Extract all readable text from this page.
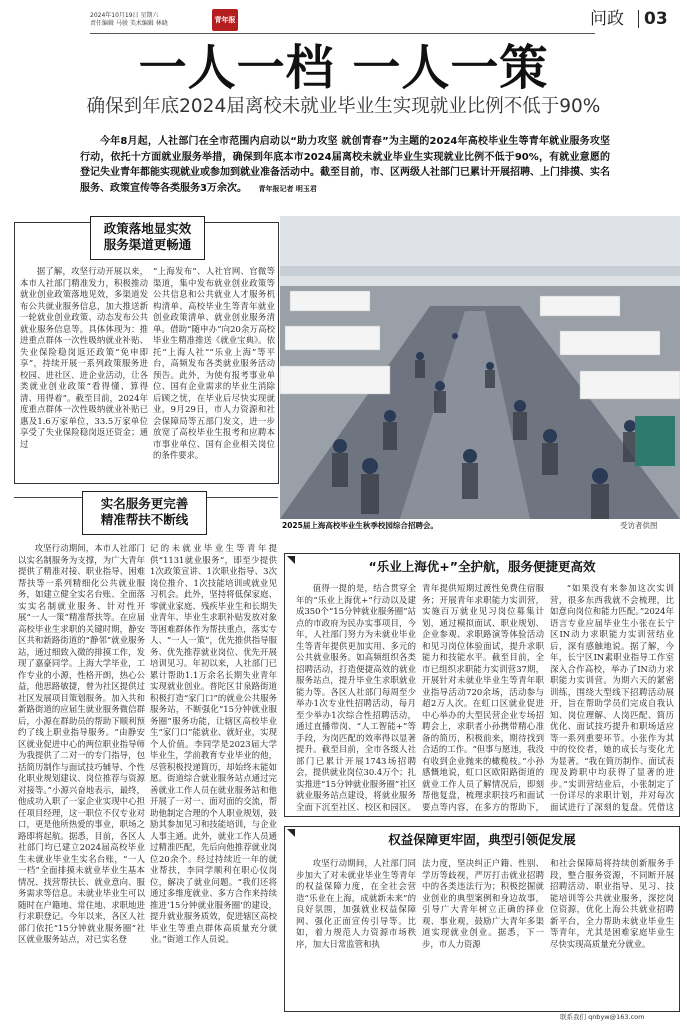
2024年10月19日 星期六
责任编辑 马骏 美术编辑 林晓	青年报	问政 03
一人一档 一人一策
确保到年底2024届离校未就业毕业生实现就业比例不低于90%
今年8月起，人社部门在全市范围内启动以“助力攻坚 就创青春”为主题的2024年高校毕业生等青年就业服务攻坚行动，依托十方面就业服务举措，确保到年底本市2024届离校未就业毕业生实现就业比例不低于90%，有就业意愿的登记失业青年都能实现就业或参加到就业准备活动中。截至目前，市、区两级人社部门已累计开展招聘、上门排摸、实名服务、政策宣传等各类服务3万余次。 青年报记者 明玉君
政策落地显实效
服务渠道更畅通

据了解，攻坚行动开展以来，本市人社部门精准发力，积极推动就业创业政策落地见效，多渠道发布公共就业服务信息，加大推送新一轮就业创业政策、动态发布公共就业服务信息等。具体体现为：推进重点群体一次性吸纳就业补贴、失业保险稳岗返还政策“免申即享”，持续开展一系列政策服务进校园、进社区、进企业活动，让各类就业创业政策“看得懂、算得清、用得着”。截至目前，2024年度重点群体一次性吸纳就业补贴已惠及1.6万家单位，33.5万家单位享受了失业保险稳岗返还资金；通过

“上海发布”、人社官网、官微等渠道，集中发布就业创业政策等公共信息和公共就业人才服务机构清单、高校毕业生等青年就业创业政策清单、就业创业服务清单。借助“随申办”向20余万高校毕业生精准推送《就业宝典》。依托“上海人社”“乐业上海”等平台，高频发布各类就业服务活动预告。此外，为使有报考事业单位、国有企业需求的毕业生消除后顾之忧，在毕业后尽快实现就业，9月29日，市人力资源和社会保障局等五部门发文，进一步放宽了高校毕业生报考和应聘本市事业单位、国有企业相关岗位的条件要求。

2025届上海高校毕业生秋季校园综合招聘会。	受访者供图
实名服务更完善
精准帮扶不断线

攻坚行动期间，本市人社部门以实名制服务为支撑，为广大青年提供了精准对接、职业指导、困难帮扶等一系列精细化公共就业服务，如建立健全实名台账、全面落实实名制就业服务、针对性开展“一人一策”精准帮扶等。在应届高校毕业生求职的关键时期，静安区共和新路街道的“静邻”就业服务站，通过细致入微的排摸工作，发现了嘉豪同学。上海大学毕业，工作专业的小源，性格开朗，热心公益，他思路敏捷，曾为社区提供过社区发展项目策划服务。加入共和新路街道的应届生就业服务微信群后，小源在群助员的帮助下顺利预约了线上职业指导服务。“由静安区就业促进中心的两位职业指导师为我提供了二对一的专门指导，包括简历制作与面试技巧辅导、个性化职业规划建议、岗位推荐与资源对接等。”小源兴奋地表示，最终，他成功入职了一家企业实现中心担任项目经理，这一职位不仅专业对口，更是他所热爱的事业，职场之路即将起航。据悉，目前，各区人社部门均已建立2024届高校毕业生未就业毕业生实名台账，“一人一档”全面排摸未就业毕业生基本情况、找营帮扶长、就业意向、服务需求等信息。未就业毕业生可以随时在户籍地、常住地、求职地进行求职登记。今年以来，各区人社部门依托“15分钟就业服务圈”社区就业服务站点，对已实名登

记的未就业毕业生等青年提供“1131就业服务”，即至少提供1次政策宣讲、1次职业指导、3次岗位推介、1次技能培训或就业见习机会。此外，坚持将低保家庭、零就业家庭、残疾毕业生和长期失业青年、毕业生求职补贴发放对象等困难群体作为帮扶重点，落实专人、“一人一策”，优先推供指导服务、优先推荐就业岗位、优先开展培训见习。年初以来，人社部门已累计帮助1.1万余名长期失业青年实现就业创业。普陀区甘泉路街道积极打造“家门口”的就业公共服务服务站，不断强化“15分钟就业服务圈”服务功能，让辖区高校毕业生“家门口”能就业、就好业，实现个人价值。李同学是2023届大学毕业生，学前教育专业毕业的他，尽管积极投递简历，却始终未能如愿。街道综合就业服务站点通过完善就业工作人员在就业服务站和他开展了一对一、面对面的交流，帮助他制定合理的个人职业规划，鼓励其参加见习和技能培训，与企业人事主通。此外，就业工作人员通过精准匹配，先后向他推荐就业岗位20余个。经过持续近一年的就业帮扶，李同学顺利在职心仪岗位，解决了就业问题。“我们还将通过多维度就业、多方合作来持续推进‘15分钟就业服务圈’的建设，提升就业服务质效，促进辖区高校毕业生等重点群体高质量充分就业。”街道工作人员说。

“乐业上海优+”全护航，服务便捷更高效

值得一提的是，结合贯穿全年的“乐业上海优+”行动以及建成350个“15分钟就业服务圈”站点的市政府为民办实事项目，今年，人社部门努力为未就业毕业生等青年提供更加实用、多元的公共就业服务。如高频组织各类招聘活动，打造便捷高效的就业服务站点，提升毕业生求职就业能力等。各区人社部门每周至少举办1次专业性招聘活动，每月至少举办1次综合性招聘活动，通过直播带岗、“人工智能+”等手段，为岗匹配的效率得以显著提升。截至目前，全市各级人社部门已累计开展1743场招聘会，提供就业岗位30.4万个；扎实推进“15分钟就业服务圈”社区就业服务站点建设，将就业服务全面下沉至社区、校区和园区。

青年提供短期过渡性免费住宿服务；开展青年求职能力实训营，实施百万就业见习岗位募集计划，通过模拟面试、职业规划、企业参观、求职路演等体验活动和见习岗位体验面试，提升求职能力和技能水平。截至目前，全市已组织求职能力实训营37期，开展针对未就业毕业生等青年职业指导活动720余场，活动参与超2万人次。在虹口区就业促进中心举办的大型民营企业专场招聘会上，求职者小孙携带精心准备的简历，积极前来，期待找到合适的工作。“但事与愿违，我没有收到企业抛来的橄榄枝。”小孙感慨地说，虹口区欧阳路街道的就业工作人员了解情况后，即刻帮他复盘，梳理求职技巧和面试要点等内容，在多方的帮助下，

“如果没有来参加这次实训营，很多东西我就不会梳理，比如意向岗位和能力匹配。”2024年语言专业应届毕业生小张在长宁区IN动力求职能力实训营结业后，深有感触地说。据了解，今年，长宁区IN素职业指导工作室深入合作高校，举办了IN动力求职能力实训营。为期六天的紧密训练，围绕大型线下招聘活动展开，旨在帮助学员们完成自我认知、岗位理解、人岗匹配、简历优化、面试技巧提升和职场适应等一系列重要环节。小张作为其中的佼佼者，她的成长与变化尤为显著。“我在简历制作、面试表现及跨职中均获得了显著的进步。”实训营结业后，小张制定了一份详尽的求职计划，并对每次面试进行了深刻的复盘。凭借这

权益保障更牢固，典型引领促发展

攻坚行动期间，人社部门同步加大了对未就业毕业生等青年的权益保障力度，在全社会营造“乐业在上海，成就新未来”的良好氛围，加强就业权益保障网、强化正面宣传引导等。比如，着力规范人力资源市场秩序，加大日常监管和执

法力度，坚决纠正户籍、性别、学历等歧视，严厉打击就业招聘中的各类违法行为；积极挖掘就业创业的典型案例和身边故事，引导广大青年树立正确的择业观、事业观，鼓励广大青年多渠道实现就业创业。据悉，下一步，市人力资源

和社会保障局将持续创新服务手段，整合服务资源，不同断开展招聘活动、职业指导、见习、技能培训等公共就业服务，深挖岗位资源，优化上海公共就业招聘新平台，全力帮助未就业毕业生等青年，尤其是困难家庭毕业生尽快实现高质量充分就业。

联系我们 qnbyw@163.com
